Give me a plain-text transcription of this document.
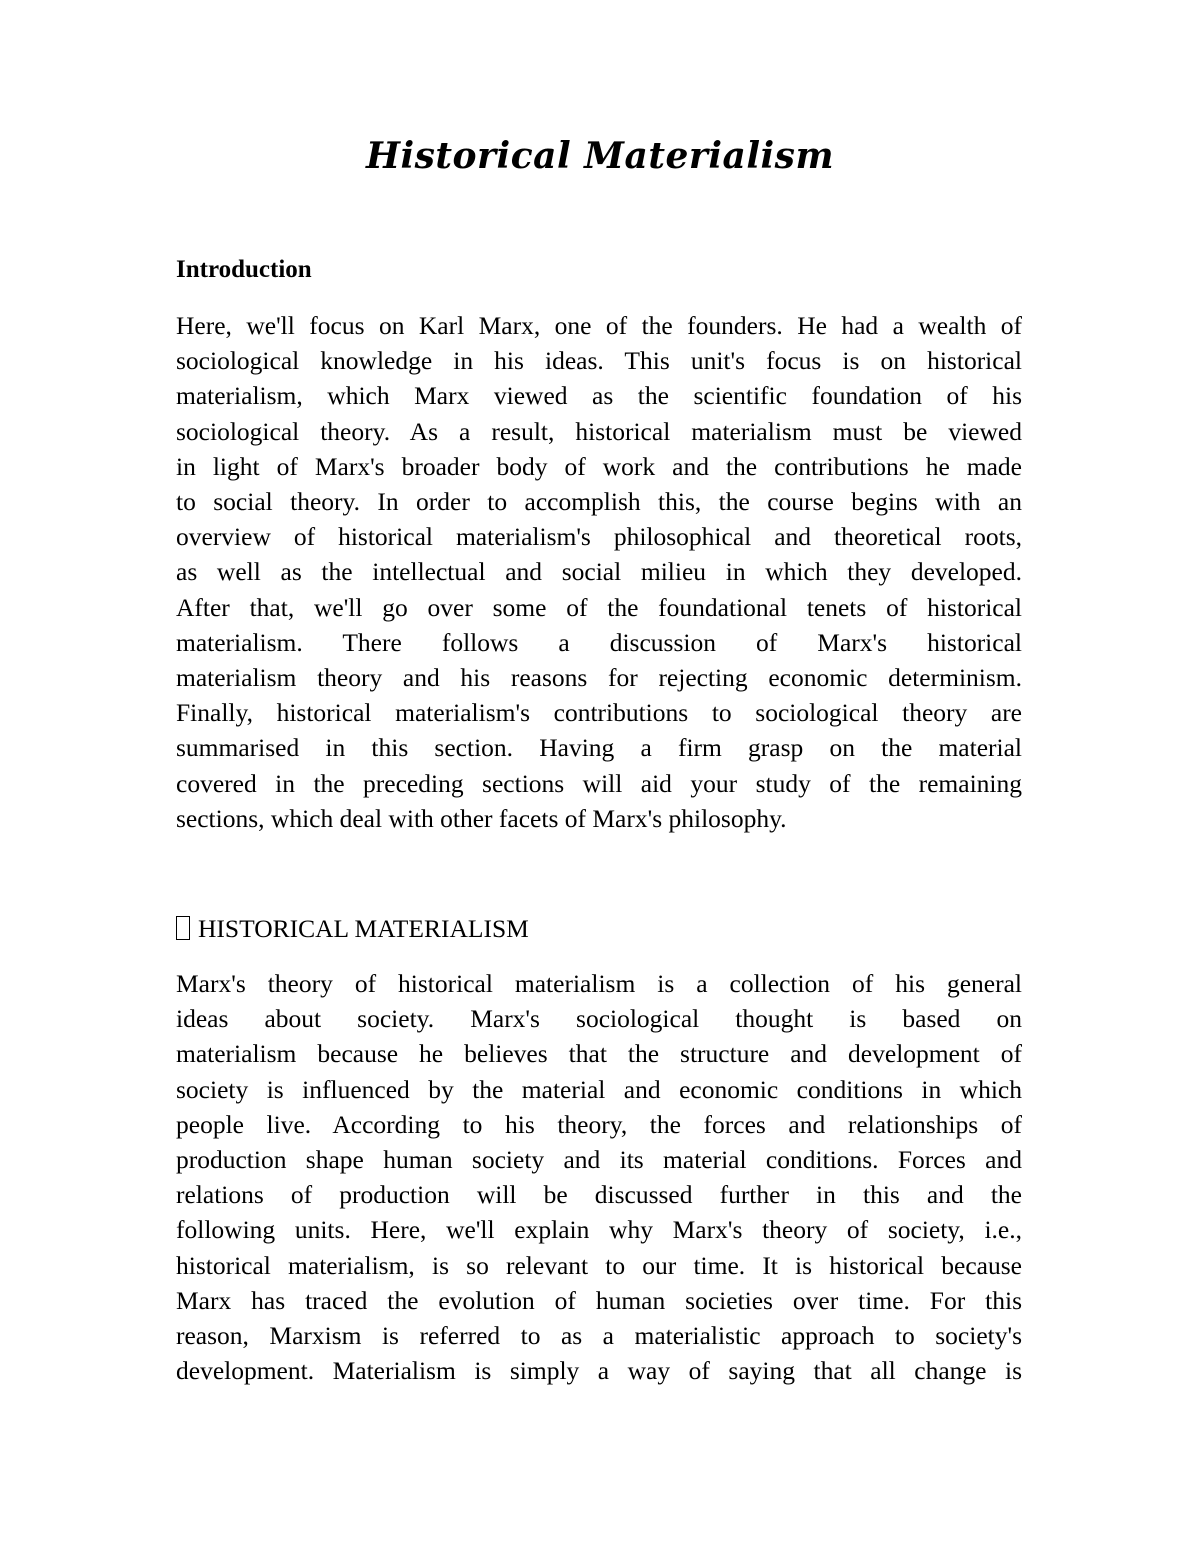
Historical Materialism
Introduction
Here, we'll focus on Karl Marx, one of the founders. He had a wealth of
sociological knowledge in his ideas. This unit's focus is on historical
materialism, which Marx viewed as the scientific foundation of his
sociological theory. As a result, historical materialism must be viewed
in light of Marx's broader body of work and the contributions he made
to social theory. In order to accomplish this, the course begins with an
overview of historical materialism's philosophical and theoretical roots,
as well as the intellectual and social milieu in which they developed.
After that, we'll go over some of the foundational tenets of historical
materialism. There follows a discussion of Marx's historical
materialism theory and his reasons for rejecting economic determinism.
Finally, historical materialism's contributions to sociological theory are
summarised in this section. Having a firm grasp on the material
covered in the preceding sections will aid your study of the remaining
sections, which deal with other facets of Marx's philosophy.
HISTORICAL MATERIALISM
Marx's theory of historical materialism is a collection of his general
ideas about society. Marx's sociological thought is based on
materialism because he believes that the structure and development of
society is influenced by the material and economic conditions in which
people live. According to his theory, the forces and relationships of
production shape human society and its material conditions. Forces and
relations of production will be discussed further in this and the
following units. Here, we'll explain why Marx's theory of society, i.e.,
historical materialism, is so relevant to our time. It is historical because
Marx has traced the evolution of human societies over time. For this
reason, Marxism is referred to as a materialistic approach to society's
development. Materialism is simply a way of saying that all change is
